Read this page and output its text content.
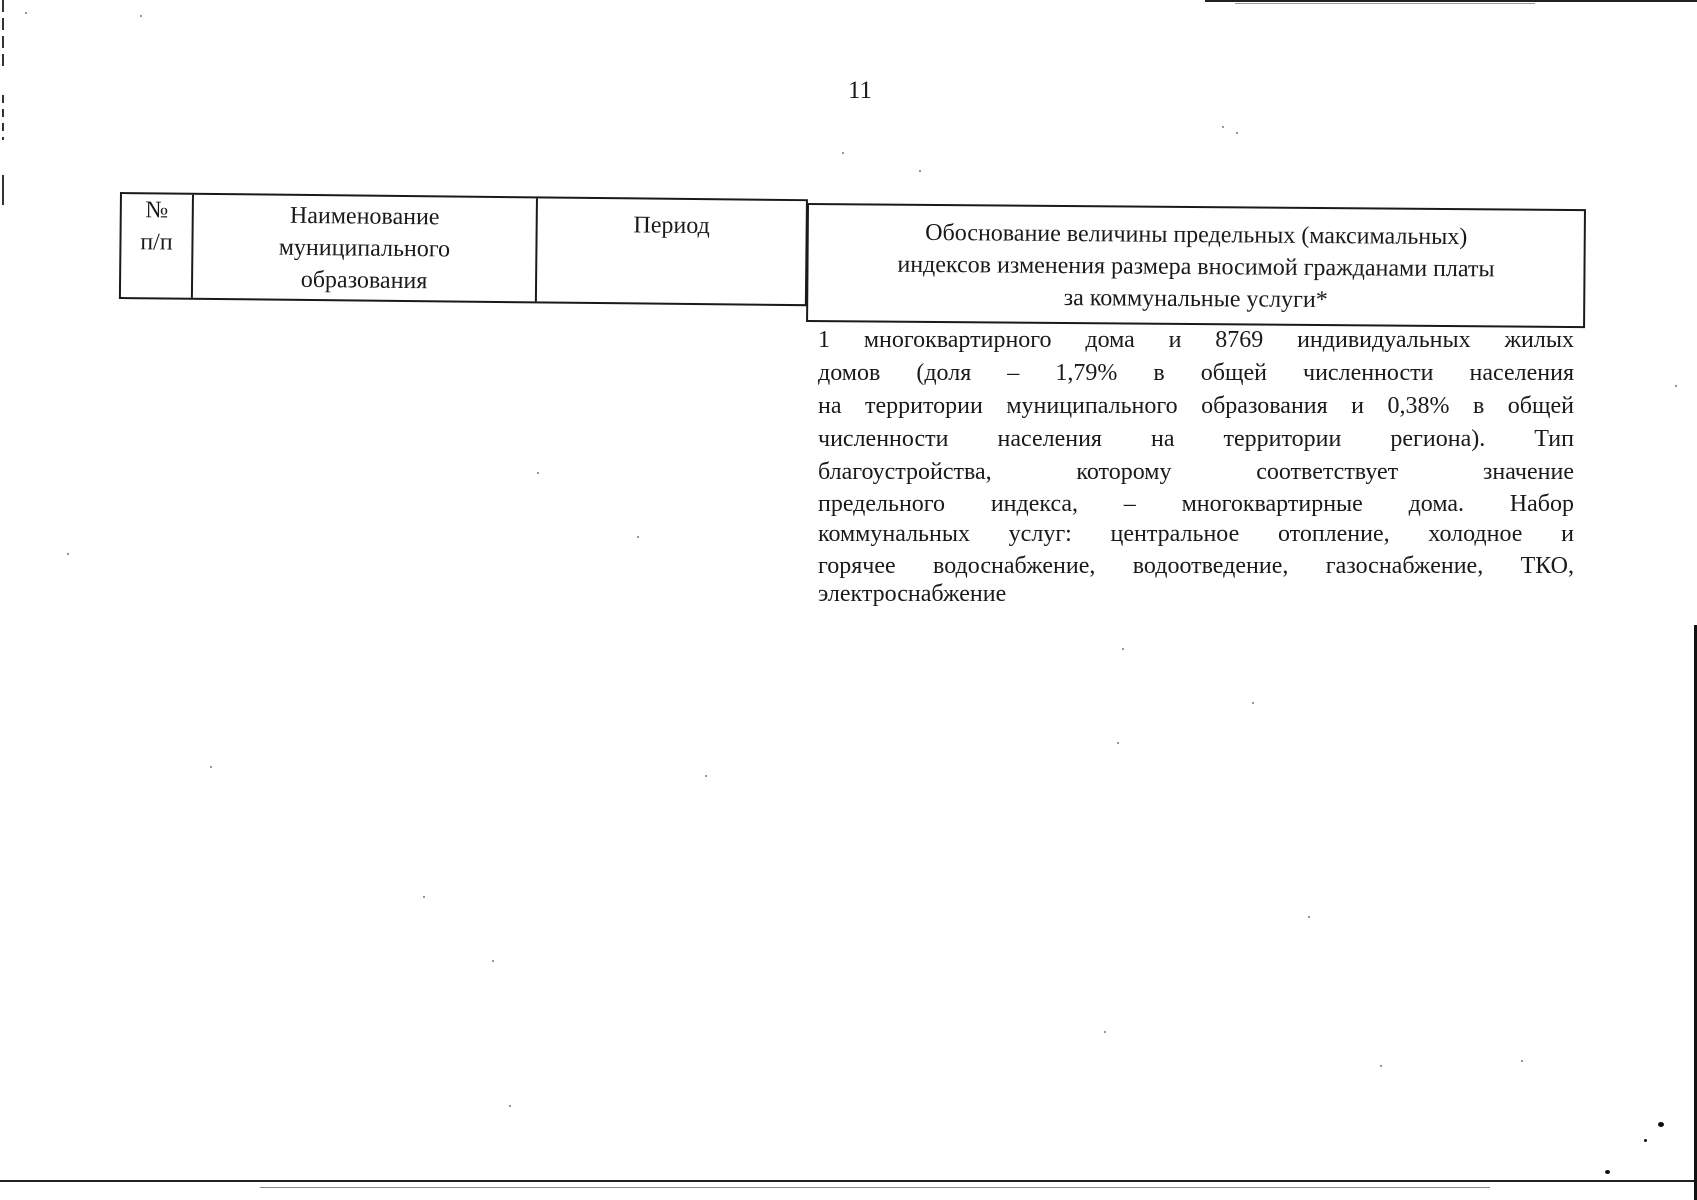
11
№
п/п
Наименование
муниципального
образования
Период	Обоснование величины предельных (максимальных)
индексов изменения размера вносимой гражданами платы
за коммунальные услуги*
1 многоквартирного дома и 8769 индивидуальных жилых
домов (доля – 1,79% в общей численности населения
на территории муниципального образования и 0,38% в общей
численности населения на территории региона). Тип
благоустройства, которому соответствует значение
предельного индекса, – многоквартирные дома. Набор
коммунальных услуг: центральное отопление, холодное и
горячее водоснабжение, водоотведение, газоснабжение, ТКО,
электроснабжение
